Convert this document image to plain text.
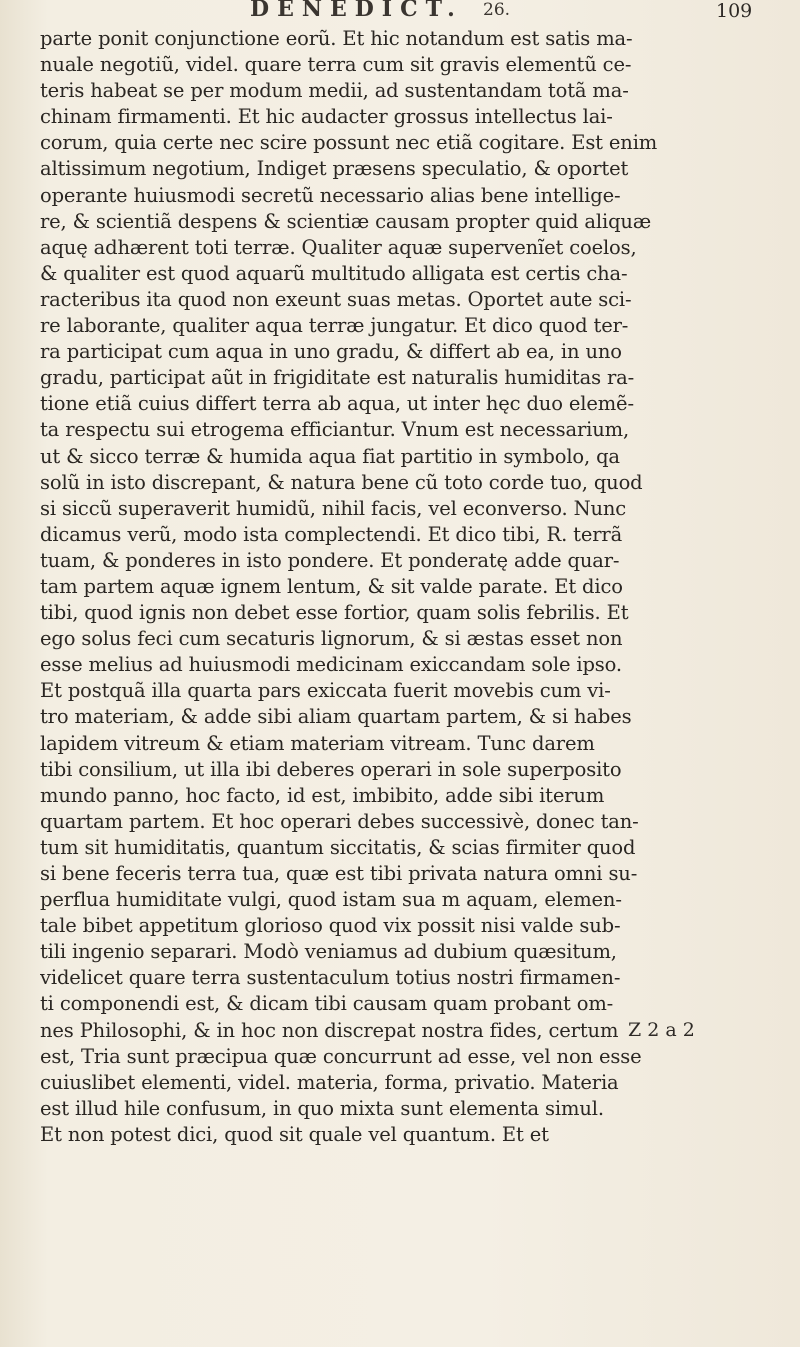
DENEDICT. 26.	109
parte ponit conjunctione eorũ. Et hic notandum est satis ma-
nuale negotiũ, videl. quare terra cum sit gravis elementũ ce-
teris habeat se per modum medii, ad sustentandam totã ma-
chinam firmamenti. Et hic audacter grossus intellectus lai-
corum, quia certe nec scire possunt nec etiã cogitare. Est enim
altissimum negotium, Indiget præsens speculatio, & oportet
operante huiusmodi secretũ necessario alias bene intellige-
re, & scientiã despens & scientiæ causam propter quid aliquæ
aquę adhærent toti terræ. Qualiter aquæ supervenĩet coelos,
& qualiter est quod aquarũ multitudo alligata est certis cha-
racteribus ita quod non exeunt suas metas. Oportet aute sci-
re laborante, qualiter aqua terræ jungatur. Et dico quod ter-
ra participat cum aqua in uno gradu, & differt ab ea, in uno
gradu, participat aũt in frigiditate est naturalis humiditas ra-
tione etiã cuius differt terra ab aqua, ut inter hęc duo elemẽ-
ta respectu sui etrogema efficiantur. Vnum est necessarium,
ut & sicco terræ & humida aqua fiat partitio in symbolo, qa
solũ in isto discrepant, & natura bene cũ toto corde tuo, quod
si siccũ superaverit humidũ, nihil facis, vel econverso. Nunc
dicamus verũ, modo ista complectendi. Et dico tibi, R. terrã
tuam, & ponderes in isto pondere. Et ponderatę adde quar-
tam partem aquæ ignem lentum, & sit valde parate. Et dico
tibi, quod ignis non debet esse fortior, quam solis febrilis. Et
ego solus feci cum secaturis lignorum, & si æstas esset non
esse melius ad huiusmodi medicinam exiccandam sole ipso.
Et postquã illa quarta pars exiccata fuerit movebis cum vi-
tro materiam, & adde sibi aliam quartam partem, & si habes
lapidem vitreum & etiam materiam vitream. Tunc darem
tibi consilium, ut illa ibi deberes operari in sole superposito
mundo panno, hoc facto, id est, imbibito, adde sibi iterum
quartam partem. Et hoc operari debes successivè, donec tan-
tum sit humiditatis, quantum siccitatis, & scias firmiter quod
si bene feceris terra tua, quæ est tibi privata natura omni su-
perflua humiditate vulgi, quod istam sua m aquam, elemen-
tale bibet appetitum glorioso quod vix possit nisi valde sub-
tili ingenio separari. Modò veniamus ad dubium quæsitum,
videlicet quare terra sustentaculum totius nostri firmamen-
ti componendi est, & dicam tibi causam quam probant om-
nes Philosophi, & in hoc non discrepat nostra fides, certum
est, Tria sunt præcipua quæ concurrunt ad esse, vel non esse
cuiuslibet elementi, videl. materia, forma, privatio. Materia
est illud hile confusum, in quo mixta sunt elementa simul.
Et non potest dici, quod sit quale vel quantum. Et et
Z 2 a 2
